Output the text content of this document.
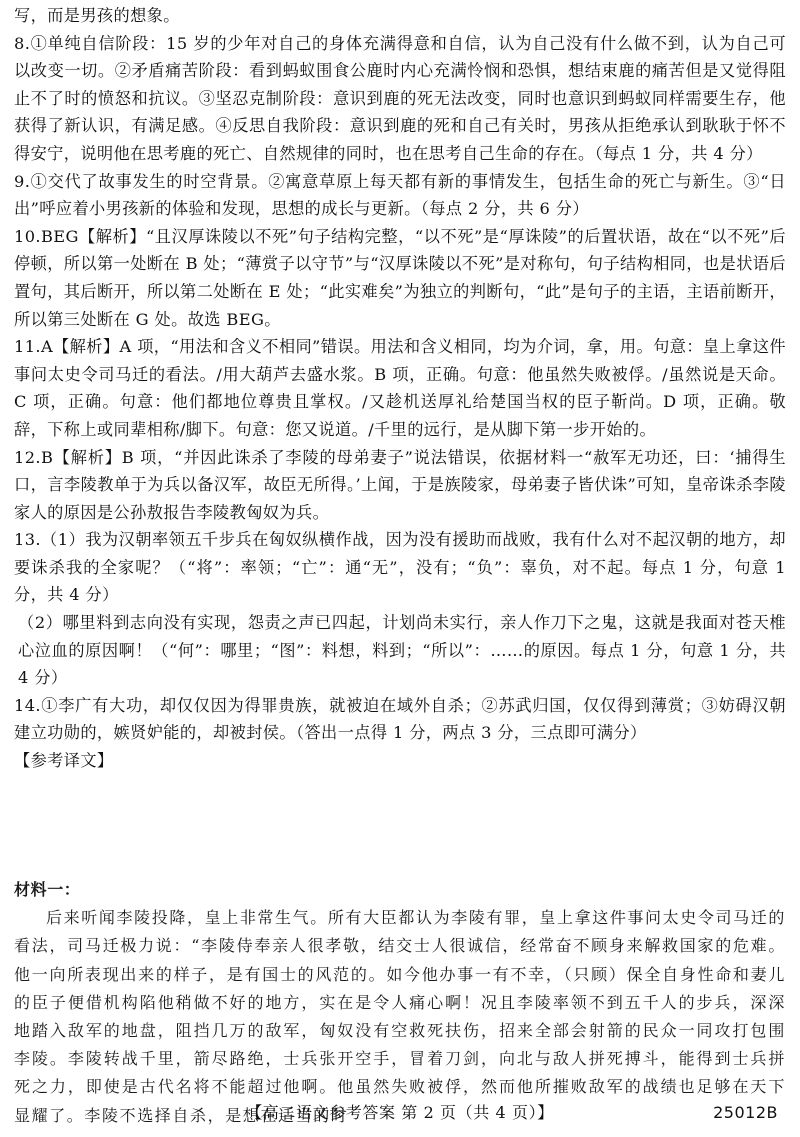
写，而是男孩的想象。

8.①单纯自信阶段：15 岁的少年对自己的身体充满得意和自信，认为自己没有什么做不到，认为自己可以改变一切。②矛盾痛苦阶段：看到蚂蚁围食公鹿时内心充满怜悯和恐惧，想结束鹿的痛苦但是又觉得阻止不了时的愤怒和抗议。③坚忍克制阶段：意识到鹿的死无法改变，同时也意识到蚂蚁同样需要生存，他获得了新认识，有满足感。④反思自我阶段：意识到鹿的死和自己有关时，男孩从拒绝承认到耿耿于怀不得安宁，说明他在思考鹿的死亡、自然规律的同时，也在思考自己生命的存在。（每点 1 分，共 4 分）

9.①交代了故事发生的时空背景。②寓意草原上每天都有新的事情发生，包括生命的死亡与新生。③“日出”呼应着小男孩新的体验和发现，思想的成长与更新。（每点 2 分，共 6 分）

10.BEG【解析】“且汉厚诛陵以不死”句子结构完整，“以不死”是“厚诛陵”的后置状语，故在“以不死”后停顿，所以第一处断在 B 处；“薄赏子以守节”与“汉厚诛陵以不死”是对称句，句子结构相同，也是状语后置句，其后断开，所以第二处断在 E 处；“此实难矣”为独立的判断句，“此”是句子的主语，主语前断开，所以第三处断在 G 处。故选 BEG。

11.A【解析】A 项，“用法和含义不相同”错误。用法和含义相同，均为介词，拿，用。句意：皇上拿这件事问太史令司马迁的看法。/用大葫芦去盛水浆。B 项，正确。句意：他虽然失败被俘。/虽然说是天命。C 项，正确。句意：他们都地位尊贵且掌权。/又趁机送厚礼给楚国当权的臣子靳尚。D 项，正确。敬辞，下称上或同辈相称/脚下。句意：您又说道。/千里的远行，是从脚下第一步开始的。

12.B【解析】B 项，“并因此诛杀了李陵的母弟妻子”说法错误，依据材料一“赦军无功还，曰：‘捕得生口，言李陵教单于为兵以备汉军，故臣无所得。’上闻，于是族陵家，母弟妻子皆伏诛”可知，皇帝诛杀李陵家人的原因是公孙敖报告李陵教匈奴为兵。

13.（1）我为汉朝率领五千步兵在匈奴纵横作战，因为没有援助而战败，我有什么对不起汉朝的地方，却要诛杀我的全家呢？（“将”：率领；“亡”：通“无”，没有；“负”：辜负，对不起。每点 1 分，句意 1 分，共 4 分）

（2）哪里料到志向没有实现，怨责之声已四起，计划尚未实行，亲人作刀下之鬼，这就是我面对苍天椎心泣血的原因啊！（“何”：哪里；“图”：料想，料到；“所以”：……的原因。每点 1 分，句意 1 分，共 4 分）

14.①李广有大功，却仅仅因为得罪贵族，就被迫在域外自杀；②苏武归国，仅仅得到薄赏；③妨碍汉朝建立功勋的，嫉贤妒能的，却被封侯。（答出一点得 1 分，两点 3 分，三点即可满分）

【参考译文】

材料一：

后来听闻李陵投降，皇上非常生气。所有大臣都认为李陵有罪，皇上拿这件事问太史令司马迁的看法，司马迁极力说：“李陵侍奉亲人很孝敬，结交士人很诚信，经常奋不顾身来解救国家的危难。他一向所表现出来的样子，是有国士的风范的。如今他办事一有不幸，（只顾）保全自身性命和妻儿的臣子便借机构陷他稍做不好的地方，实在是令人痛心啊！况且李陵率领不到五千人的步兵，深深地踏入敌军的地盘，阻挡几万的敌军，匈奴没有空救死扶伤，招来全部会射箭的民众一同攻打包围李陵。李陵转战千里，箭尽路绝，士兵张开空手，冒着刀剑，向北与敌人拼死搏斗，能得到士兵拼死之力，即使是古代名将不能超过他啊。他虽然失败被俘，然而他所摧败敌军的战绩也足够在天下显耀了。李陵不选择自杀，是想在适当的时

【高二语文参考答案 第 2 页（共 4 页）】	25012B
